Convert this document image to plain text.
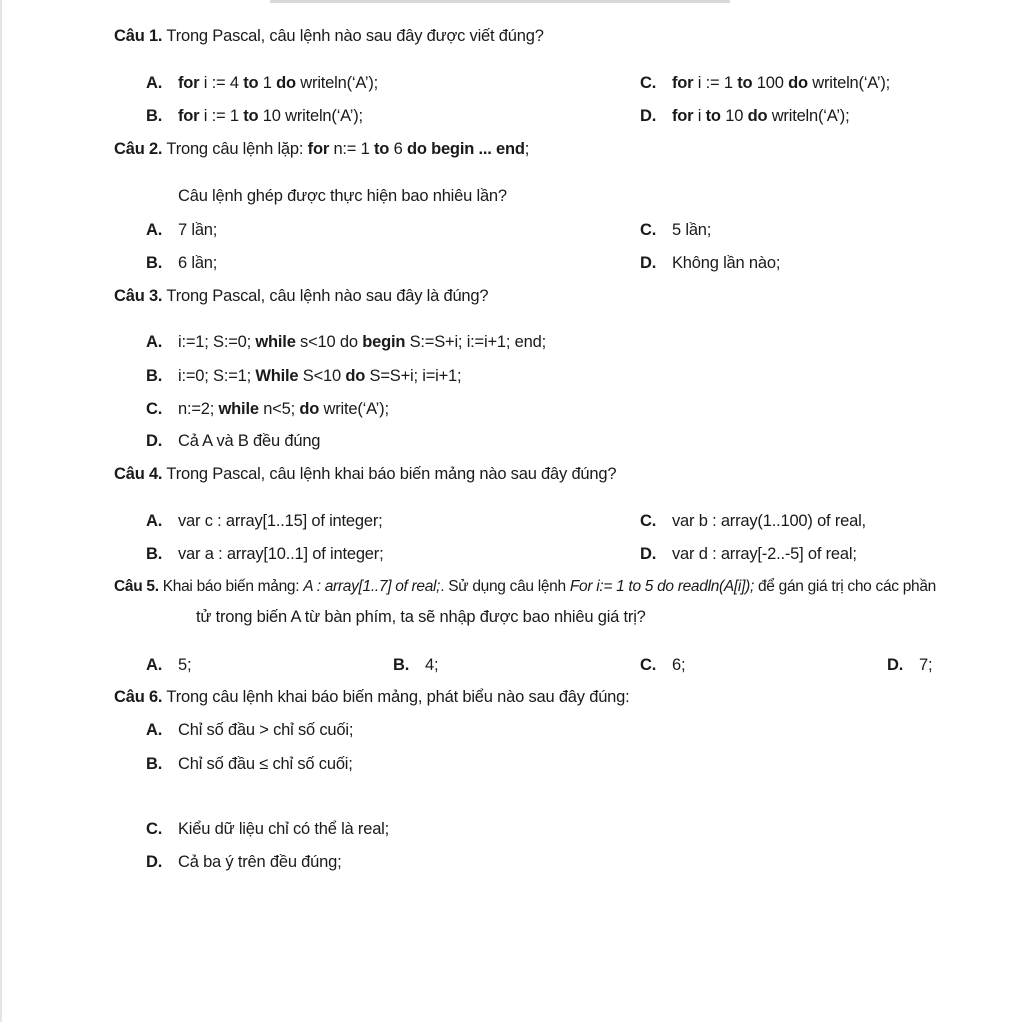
Câu 1. Trong Pascal, câu lệnh nào sau đây được viết đúng?
A. for i := 4 to 1 do writeln(‘A’);
B. for i := 1 to 10 writeln(‘A’);
C. for i := 1 to 100 do writeln(‘A’);
D. for i to 10 do writeln(‘A’);
Câu 2. Trong câu lệnh lặp: for n:= 1 to 6 do begin ... end;
Câu lệnh ghép được thực hiện bao nhiêu lần?
A. 7 lần;
B. 6 lần;
C. 5 lần;
D. Không lần nào;
Câu 3. Trong Pascal, câu lệnh nào sau đây là đúng?
A. i:=1; S:=0; while s<10 do begin S:=S+i; i:=i+1; end;
B. i:=0; S:=1; While S<10 do S=S+i; i=i+1;
C. n:=2; while n<5; do write(‘A’);
D. Cả A và B đều đúng
Câu 4. Trong Pascal, câu lệnh khai báo biến mảng nào sau đây đúng?
A. var c : array[1..15] of integer;
B. var a : array[10..1] of integer;
C. var b : array(1..100) of real,
D. var d : array[-2..-5] of real;
Câu 5. Khai báo biến mảng: A : array[1..7] of real;. Sử dụng câu lệnh For i:= 1 to 5 do readln(A[i]); để gán giá trị cho các phần
tử trong biến A từ bàn phím, ta sẽ nhập được bao nhiêu giá trị?
A. 5;	B. 4;	C. 6;	D. 7;
Câu 6. Trong câu lệnh khai báo biến mảng, phát biểu nào sau đây đúng:
A. Chỉ số đầu > chỉ số cuối;
B. Chỉ số đầu ≤ chỉ số cuối;
C. Kiểu dữ liệu chỉ có thể là real;
D. Cả ba ý trên đều đúng;
